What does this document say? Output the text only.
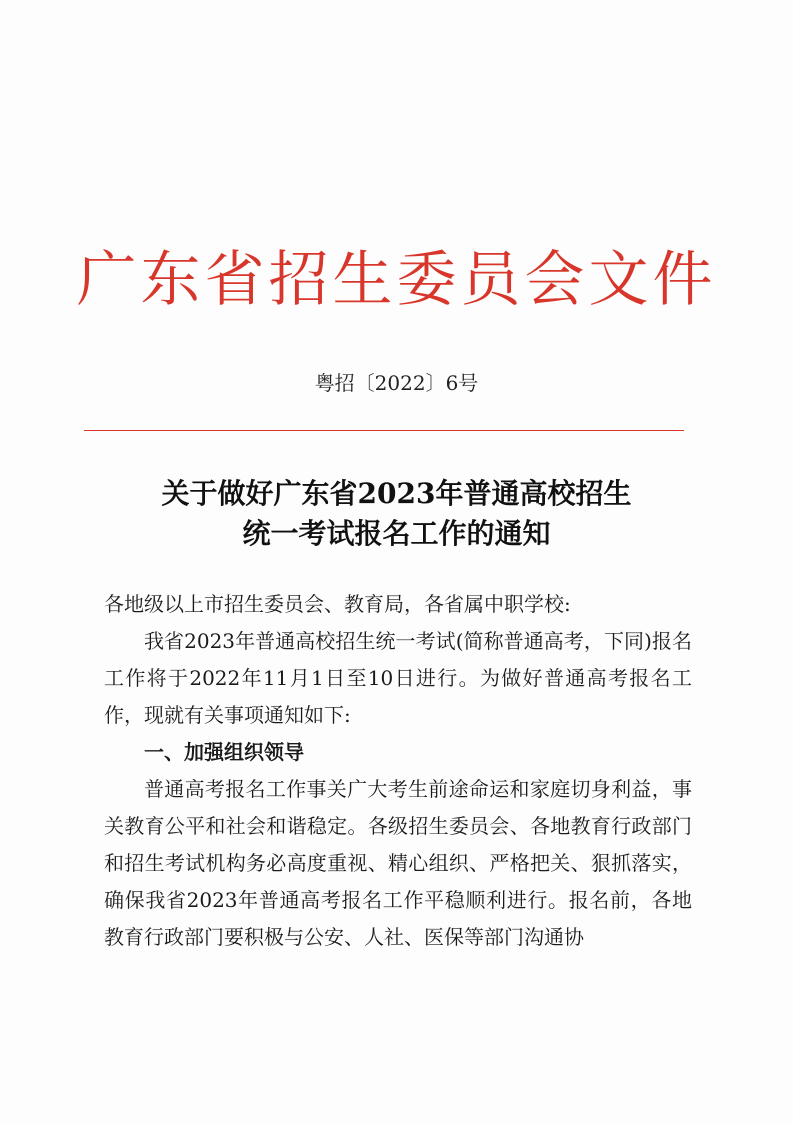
广东省招生委员会文件
粤招〔2022〕6号
关于做好广东省2023年普通高校招生
统一考试报名工作的通知

各地级以上市招生委员会、教育局，各省属中职学校:

我省2023年普通高校招生统一考试(简称普通高考，下同)报名工作将于2022年11月1日至10日进行。为做好普通高考报名工作，现就有关事项通知如下:

一、加强组织领导

普通高考报名工作事关广大考生前途命运和家庭切身利益，事关教育公平和社会和谐稳定。各级招生委员会、各地教育行政部门和招生考试机构务必高度重视、精心组织、严格把关、狠抓落实，确保我省2023年普通高考报名工作平稳顺利进行。报名前，各地教育行政部门要积极与公安、人社、医保等部门沟通协
